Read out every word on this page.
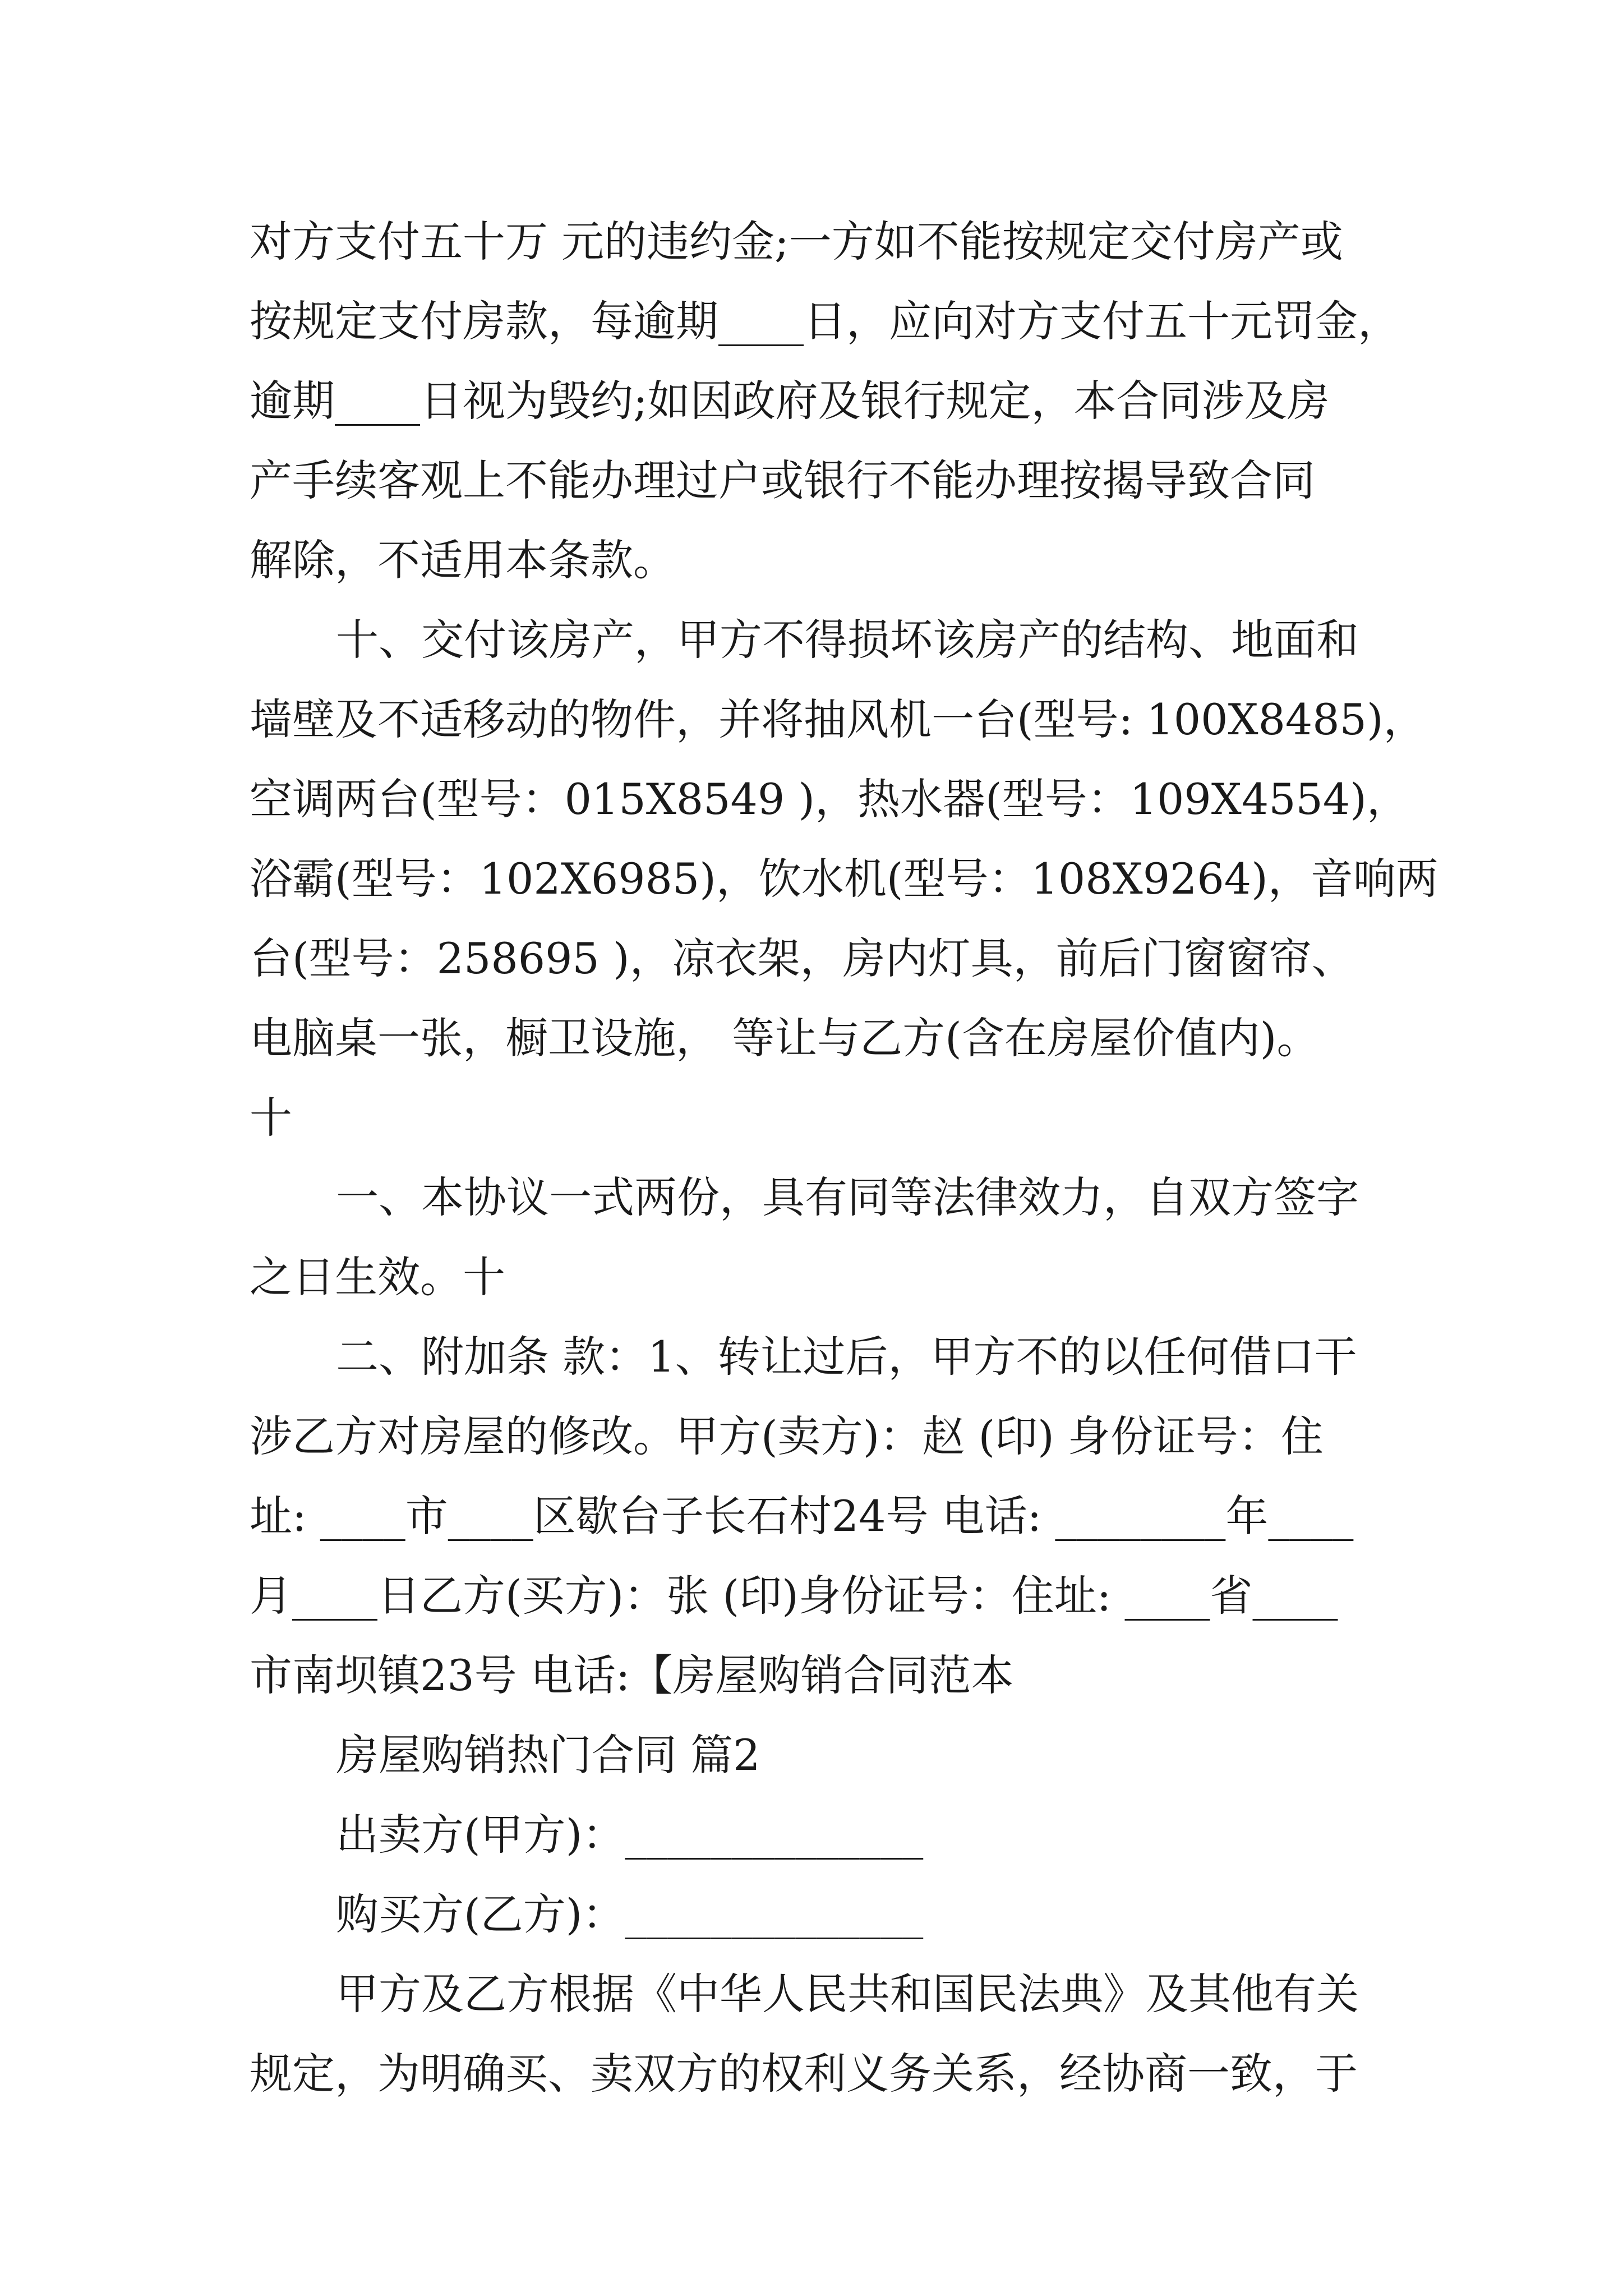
对方支付五十万 元的违约金;一方如不能按规定交付房产或
按规定支付房款，每逾期____日，应向对方支付五十元罚金，
逾期____日视为毁约;如因政府及银行规定，本合同涉及房
产手续客观上不能办理过户或银行不能办理按揭导致合同
解除，不适用本条款。
十、交付该房产，甲方不得损坏该房产的结构、地面和
墙壁及不适移动的物件，并将抽风机一台(型号: 100X8485)，
空调两台(型号：015X8549 )，热水器(型号：109X4554)，
浴霸(型号：102X6985)，饮水机(型号：108X9264)，音响两
台(型号：258695 )，凉衣架，房内灯具，前后门窗窗帘、
电脑桌一张，橱卫设施， 等让与乙方(含在房屋价值内)。
十
一、本协议一式两份，具有同等法律效力，自双方签字
之日生效。十
二、附加条 款：1、转让过后，甲方不的以任何借口干
涉乙方对房屋的修改。甲方(卖方)：赵 (印) 身份证号：住
址: ____市____区歇台子长石村24号 电话: ________年____
月____日乙方(买方)：张 (印)身份证号：住址: ____省____
市南坝镇23号 电话:【房屋购销合同范本
房屋购销热门合同 篇2
出卖方(甲方)：______________
购买方(乙方)：______________
甲方及乙方根据《中华人民共和国民法典》及其他有关
规定，为明确买、卖双方的权利义务关系，经协商一致，于
